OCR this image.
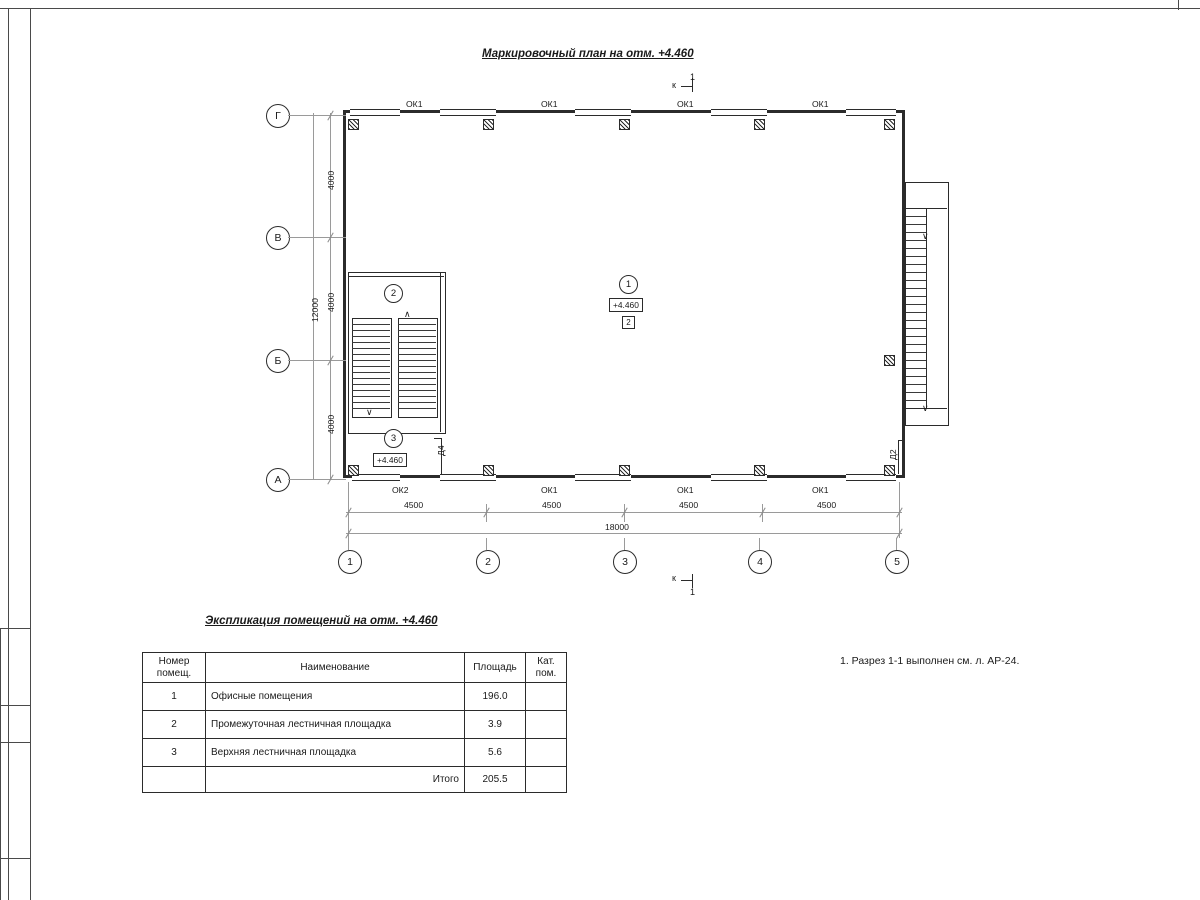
Маркировочный план на отм. +4.460
к
1
к
1
∨
∨
∧
∨
Д4	Д2
1
+4.460
2
2
3
+4.460
ОК1	ОК1	ОК1	ОК1
ОК2	ОК1	ОК1	ОК1
Г
В
Б
А
4000
4000
4000
12000
4500	4500	4500	4500
18000
1	2	3	4	5
Экспликация помещений на отм. +4.460
Номер
помещ.	Наименование	Площадь	Кат.
пом.
1	Офисные помещения	196.0	
2	Промежуточная лестничная площадка	3.9	
3	Верхняя лестничная площадка	5.6	
	Итого	205.5	
1. Разрез 1-1 выполнен см. л. АР-24.
